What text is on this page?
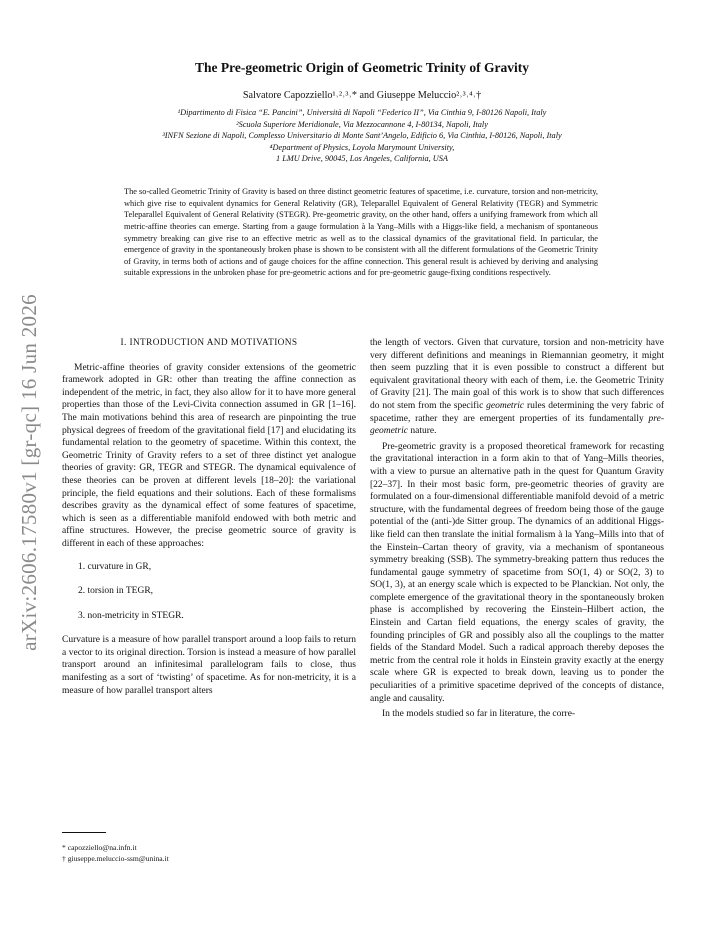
arXiv:2606.17580v1 [gr-qc] 16 Jun 2026
The Pre-geometric Origin of Geometric Trinity of Gravity
Salvatore Capozziello¹˒²˒³˒* and Giuseppe Meluccio²˒³˒⁴˒†
¹Dipartimento di Fisica “E. Pancini”, Università di Napoli “Federico II”, Via Cinthia 9, I-80126 Napoli, Italy
²Scuola Superiore Meridionale, Via Mezzocannone 4, I-80134, Napoli, Italy
³INFN Sezione di Napoli, Complesso Universitario di Monte Sant’Angelo, Edificio 6, Via Cinthia, I-80126, Napoli, Italy
⁴Department of Physics, Loyola Marymount University,
1 LMU Drive, 90045, Los Angeles, California, USA

The so-called Geometric Trinity of Gravity is based on three distinct geometric features of spacetime, i.e. curvature, torsion and non-metricity, which give rise to equivalent dynamics for General Relativity (GR), Teleparallel Equivalent of General Relativity (TEGR) and Symmetric Teleparallel Equivalent of General Relativity (STEGR). Pre-geometric gravity, on the other hand, offers a unifying framework from which all metric-affine theories can emerge. Starting from a gauge formulation à la Yang–Mills with a Higgs-like field, a mechanism of spontaneous symmetry breaking can give rise to an effective metric as well as to the classical dynamics of the gravitational field. In particular, the emergence of gravity in the spontaneously broken phase is shown to be consistent with all the different formulations of the Geometric Trinity of Gravity, in terms both of actions and of gauge choices for the affine connection. This general result is achieved by deriving and analysing suitable expressions in the unbroken phase for pre-geometric actions and for pre-geometric gauge-fixing conditions respectively.

I. INTRODUCTION AND MOTIVATIONS

Metric-affine theories of gravity consider extensions of the geometric framework adopted in GR: other than treating the affine connection as independent of the metric, in fact, they also allow for it to have more general properties than those of the Levi-Civita connection assumed in GR [1–16]. The main motivations behind this area of research are pinpointing the true physical degrees of freedom of the gravitational field [17] and elucidating its fundamental relation to the geometry of spacetime. Within this context, the Geometric Trinity of Gravity refers to a set of three distinct yet analogue theories of gravity: GR, TEGR and STEGR. The dynamical equivalence of these theories can be proven at different levels [18–20]: the variational principle, the field equations and their solutions. Each of these formalisms describes gravity as the dynamical effect of some features of spacetime, which is seen as a differentiable manifold endowed with both metric and affine structures. However, the precise geometric source of gravity is different in each of these approaches:

1. curvature in GR,
2. torsion in TEGR,
3. non-metricity in STEGR.

Curvature is a measure of how parallel transport around a loop fails to return a vector to its original direction. Torsion is instead a measure of how parallel transport around an infinitesimal parallelogram fails to close, thus manifesting as a sort of ‘twisting’ of spacetime. As for non-metricity, it is a measure of how parallel transport alters

the length of vectors. Given that curvature, torsion and non-metricity have very different definitions and meanings in Riemannian geometry, it might then seem puzzling that it is even possible to construct a different but equivalent gravitational theory with each of them, i.e. the Geometric Trinity of Gravity [21]. The main goal of this work is to show that such differences do not stem from the specific geometric rules determining the very fabric of spacetime, rather they are emergent properties of its fundamentally pre-geometric nature.

Pre-geometric gravity is a proposed theoretical framework for recasting the gravitational interaction in a form akin to that of Yang–Mills theories, with a view to pursue an alternative path in the quest for Quantum Gravity [22–37]. In their most basic form, pre-geometric theories of gravity are formulated on a four-dimensional differentiable manifold devoid of a metric structure, with the fundamental degrees of freedom being those of the gauge potential of the (anti-)de Sitter group. The dynamics of an additional Higgs-like field can then translate the initial formalism à la Yang–Mills into that of the Einstein–Cartan theory of gravity, via a mechanism of spontaneous symmetry breaking (SSB). The symmetry-breaking pattern thus reduces the fundamental gauge symmetry of spacetime from SO(1, 4) or SO(2, 3) to SO(1, 3), at an energy scale which is expected to be Planckian. Not only, the complete emergence of the gravitational theory in the spontaneously broken phase is accomplished by recovering the Einstein–Hilbert action, the Einstein and Cartan field equations, the energy scales of gravity, the founding principles of GR and possibly also all the couplings to the matter fields of the Standard Model. Such a radical approach thereby deposes the metric from the central role it holds in Einstein gravity exactly at the energy scale where GR is expected to break down, leaving us to ponder the peculiarities of a primitive spacetime deprived of the concepts of distance, angle and causality.

In the models studied so far in literature, the corre-

* capozziello@na.infn.it
† giuseppe.meluccio-ssm@unina.it
